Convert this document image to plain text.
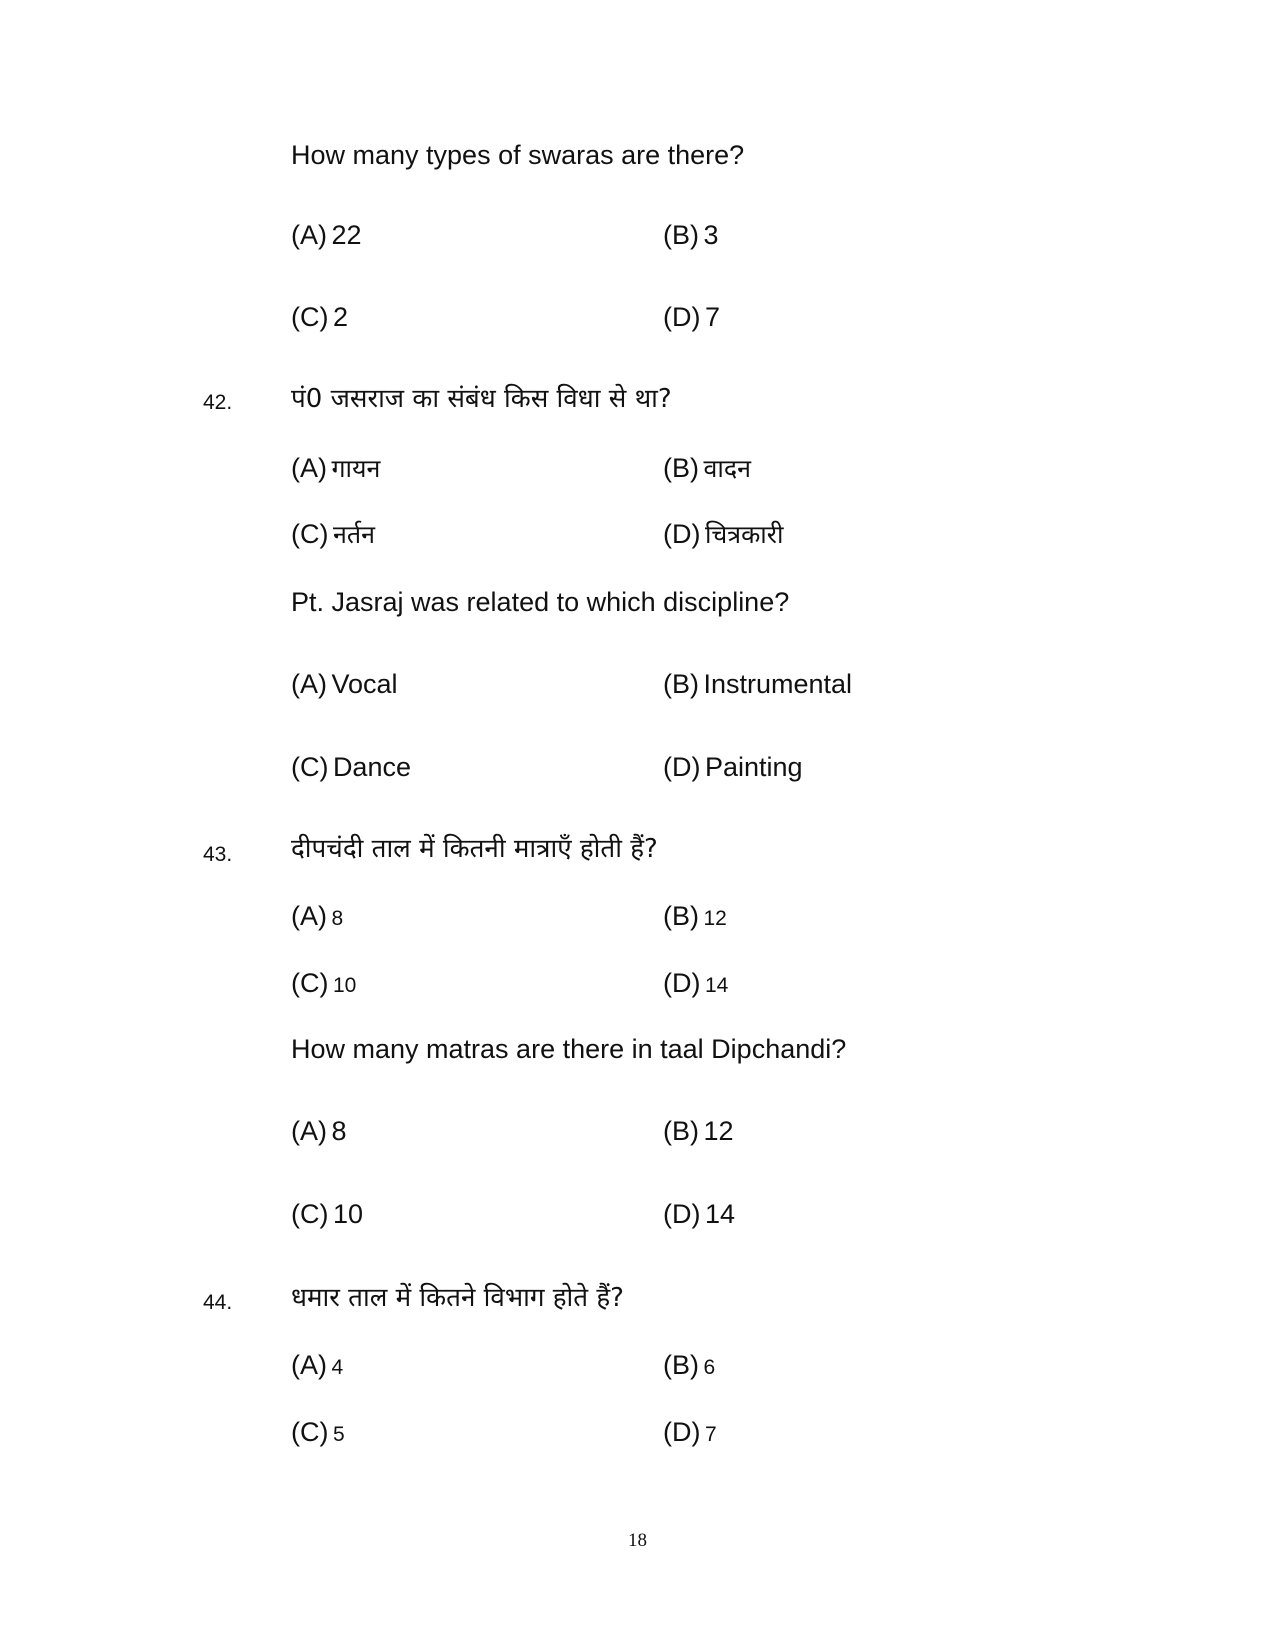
How many types of swaras are there?
(A) 22	(B) 3
(C) 2	(D) 7
42. पं0 जसराज का संबंध किस विधा से था?
(A) गायन	(B) वादन
(C) नर्तन	(D) चित्रकारी
Pt. Jasraj was related to which discipline?
(A) Vocal	(B) Instrumental
(C) Dance	(D) Painting
43. दीपचंदी ताल में कितनी मात्राएँ होती हैं?
(A) 8	(B) 12
(C) 10	(D) 14
How many matras are there in taal Dipchandi?
(A) 8	(B) 12
(C) 10	(D) 14
44. धमार ताल में कितने विभाग होते हैं?
(A) 4	(B) 6
(C) 5	(D) 7
18
